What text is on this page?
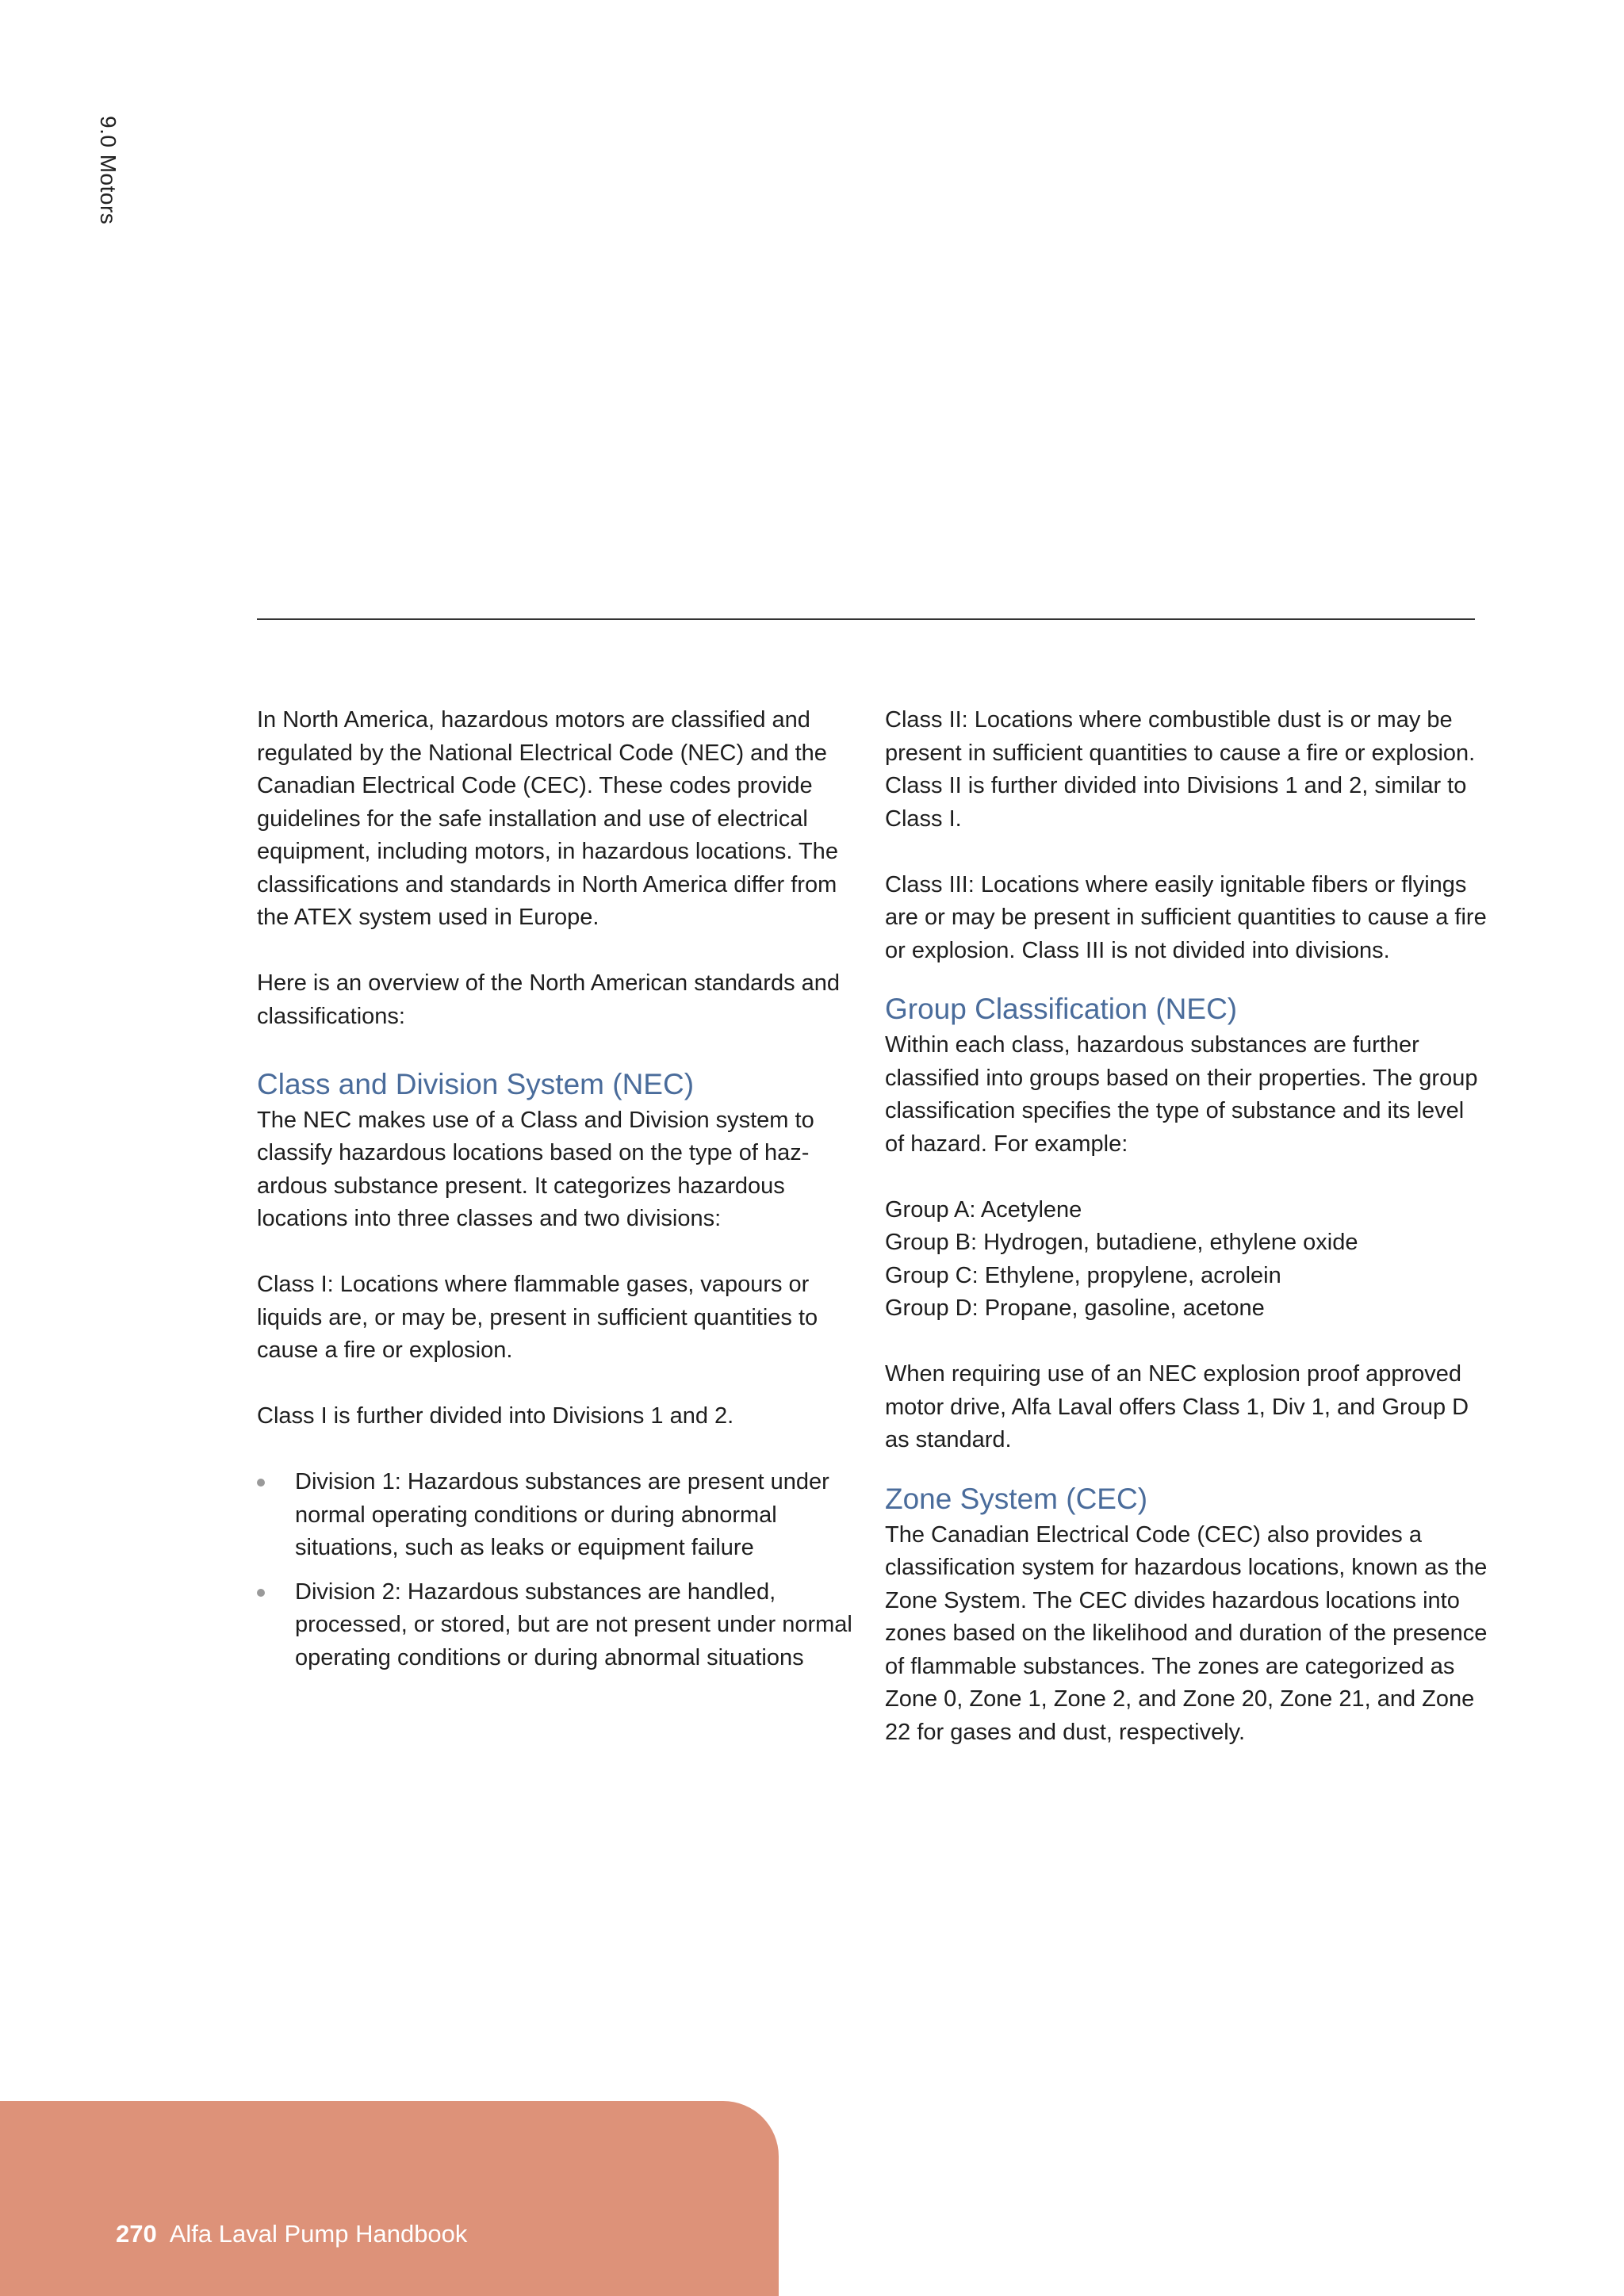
9.0 Motors

In North America, hazardous motors are classified and regulated by the National Electrical Code (NEC) and the Canadian Electrical Code (CEC). These codes provide guidelines for the safe installation and use of electrical equipment, including motors, in hazardous locations. The classifications and standards in North America differ from the ATEX system used in Europe.

Here is an overview of the North American standards and classifications:

Class and Division System (NEC)

The NEC makes use of a Class and Division system to classify hazardous locations based on the type of hazardous substance present. It categorizes hazardous locations into three classes and two divisions:

Class I: Locations where flammable gases, vapours or liquids are, or may be, present in sufficient quantities to cause a fire or explosion.

Class I is further divided into Divisions 1 and 2.

Division 1: Hazardous substances are present under normal operating conditions or during abnormal situations, such as leaks or equipment failure
Division 2: Hazardous substances are handled, processed, or stored, but are not present under normal operating conditions or during abnormal situations

Class II: Locations where combustible dust is or may be present in sufficient quantities to cause a fire or explosion. Class II is further divided into Divisions 1 and 2, similar to Class I.

Class III: Locations where easily ignitable fibers or flyings are or may be present in sufficient quantities to cause a fire or explosion. Class III is not divided into divisions.

Group Classification (NEC)

Within each class, hazardous substances are further classified into groups based on their properties. The group classification specifies the type of substance and its level of hazard. For example:

Group A: Acetylene

Group B: Hydrogen, butadiene, ethylene oxide

Group C: Ethylene, propylene, acrolein

Group D: Propane, gasoline, acetone

When requiring use of an NEC explosion proof approved motor drive, Alfa Laval offers Class 1, Div 1, and Group D as standard.

Zone System (CEC)

The Canadian Electrical Code (CEC) also provides a classification system for hazardous locations, known as the Zone System. The CEC divides hazardous locations into zones based on the likelihood and duration of the presence of flammable substances. The zones are categorized as Zone 0, Zone 1, Zone 2, and Zone 20, Zone 21, and Zone 22 for gases and dust, respectively.

270 Alfa Laval Pump Handbook
